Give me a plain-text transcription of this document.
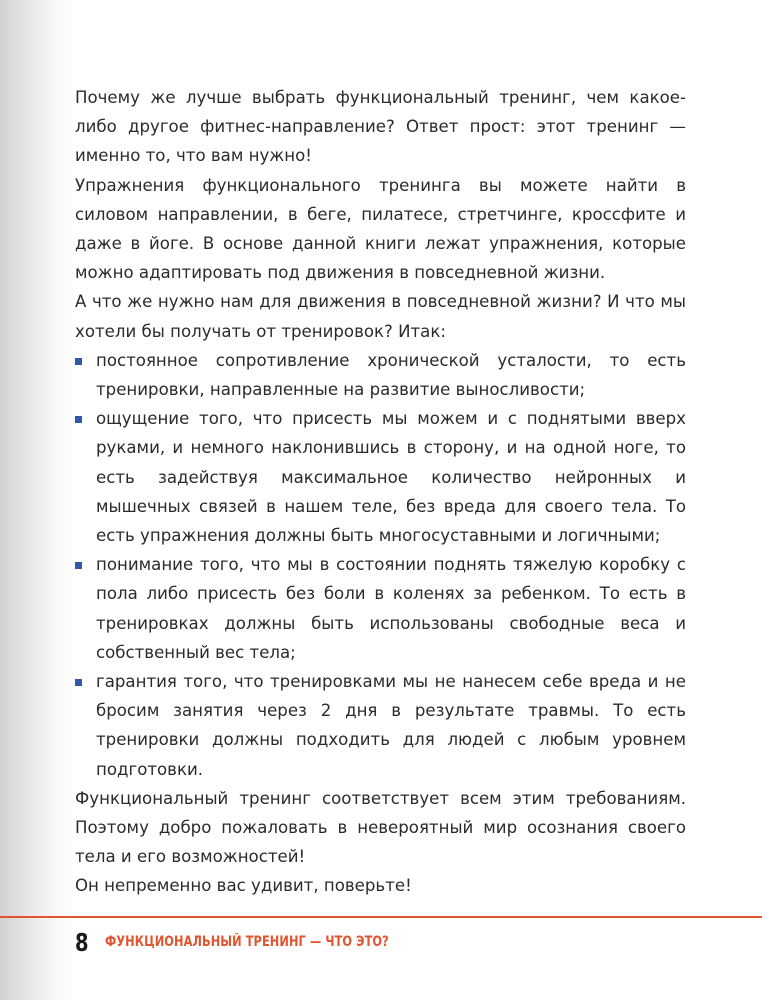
Почему же лучше выбрать функциональный тренинг, чем какое-либо другое фитнес-направление? Ответ прост: этот тренинг — именно то, что вам нужно!

Упражнения функционального тренинга вы можете найти в силовом направлении, в беге, пилатесе, стретчинге, кроссфите и даже в йоге. В основе данной книги лежат упражнения, которые можно адаптировать под движения в повседневной жизни.

А что же нужно нам для движения в повседневной жизни? И что мы хотели бы получать от тренировок? Итак:

постоянное сопротивление хронической усталости, то есть тренировки, направленные на развитие выносливости;
ощущение того, что присесть мы можем и с поднятыми вверх руками, и немного наклонившись в сторону, и на одной ноге, то есть задействуя максимальное количество нейронных и мышечных связей в нашем теле, без вреда для своего тела. То есть упражнения должны быть многосуставными и логичными;
понимание того, что мы в состоянии поднять тяжелую коробку с пола либо присесть без боли в коленях за ребенком. То есть в тренировках должны быть использованы свободные веса и собственный вес тела;
гарантия того, что тренировками мы не нанесем себе вреда и не бросим занятия через 2 дня в результате травмы. То есть тренировки должны подходить для людей с любым уровнем подготовки.

Функциональный тренинг соответствует всем этим требованиям. Поэтому добро пожаловать в невероятный мир осознания своего тела и его возможностей!

Он непременно вас удивит, поверьте!

8 ФУНКЦИОНАЛЬНЫЙ ТРЕНИНГ — ЧТО ЭТО?
